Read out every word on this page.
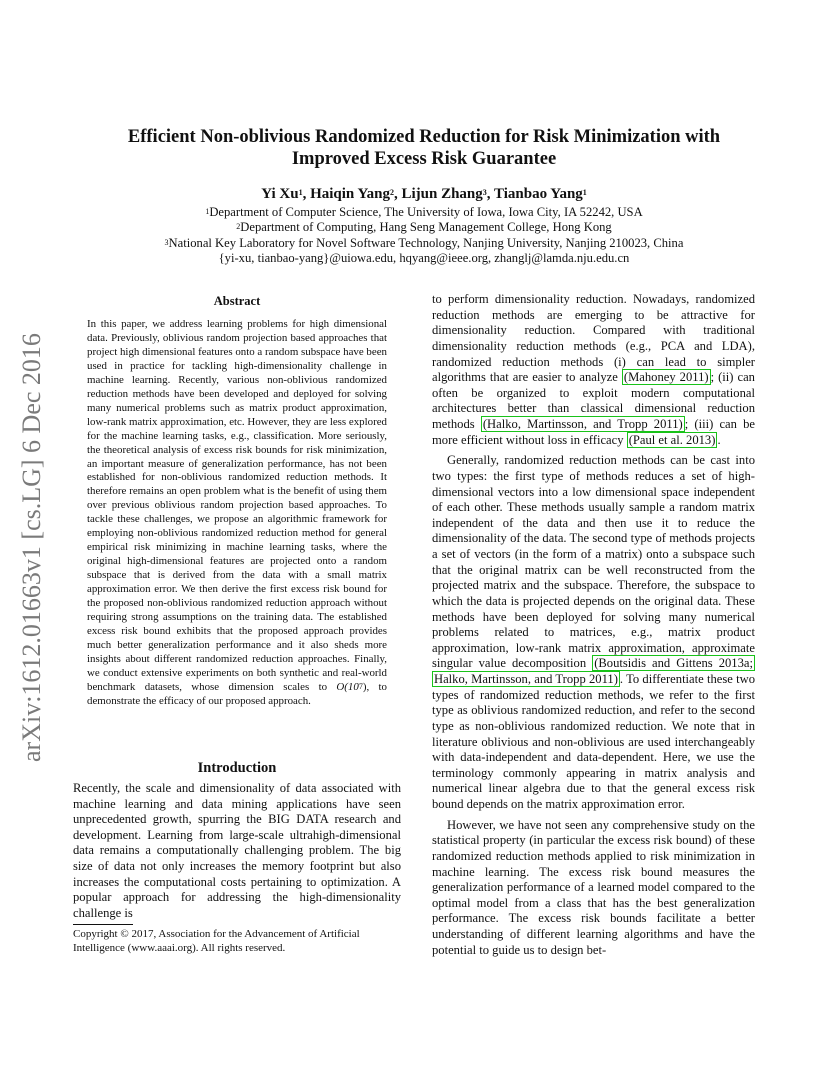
arXiv:1612.01663v1 [cs.LG] 6 Dec 2016
Efficient Non-oblivious Randomized Reduction for Risk Minimization with
Improved Excess Risk Guarantee
Yi Xu$^1$, Haiqin Yang$^2$, Lijun Zhang$^3$, Tianbao Yang$^1$
$^1$Department of Computer Science, The University of Iowa, Iowa City, IA 52242, USA
$^2$Department of Computing, Hang Seng Management College, Hong Kong
$^3$National Key Laboratory for Novel Software Technology, Nanjing University, Nanjing 210023, China
{yi-xu, tianbao-yang}@uiowa.edu, hqyang@ieee.org, zhanglj@lamda.nju.edu.cn
Abstract
In this paper, we address learning problems for high dimensional data. Previously, oblivious random projection based approaches that project high dimensional features onto a random subspace have been used in practice for tackling high-dimensionality challenge in machine learning. Recently, various non-oblivious randomized reduction methods have been developed and deployed for solving many numerical problems such as matrix product approximation, low-rank matrix approximation, etc. However, they are less explored for the machine learning tasks, e.g., classification. More seriously, the theoretical analysis of excess risk bounds for risk minimization, an important measure of generalization performance, has not been established for non-oblivious randomized reduction methods. It therefore remains an open problem what is the benefit of using them over previous oblivious random projection based approaches. To tackle these challenges, we propose an algorithmic framework for employing non-oblivious randomized reduction method for general empirical risk minimizing in machine learning tasks, where the original high-dimensional features are projected onto a random subspace that is derived from the data with a small matrix approximation error. We then derive the first excess risk bound for the proposed non-oblivious randomized reduction approach without requiring strong assumptions on the training data. The established excess risk bound exhibits that the proposed approach provides much better generalization performance and it also sheds more insights about different randomized reduction approaches. Finally, we conduct extensive experiments on both synthetic and real-world benchmark datasets, whose dimension scales to $O(10^7)$, to demonstrate the efficacy of our proposed approach.
Introduction
Recently, the scale and dimensionality of data associated with machine learning and data mining applications have seen unprecedented growth, spurring the BIG DATA research and development. Learning from large-scale ultrahigh-dimensional data remains a computationally challenging problem. The big size of data not only increases the memory footprint but also increases the computational costs pertaining to optimization. A popular approach for addressing the high-dimensionality challenge is
Copyright © 2017, Association for the Advancement of Artificial Intelligence (www.aaai.org). All rights reserved.

to perform dimensionality reduction. Nowadays, randomized reduction methods are emerging to be attractive for dimensionality reduction. Compared with traditional dimensionality reduction methods (e.g., PCA and LDA), randomized reduction methods (i) can lead to simpler algorithms that are easier to analyze (Mahoney 2011) ; (ii) can often be organized to exploit modern computational architectures better than classical dimensional reduction methods (Halko, Martinsson, and Tropp 2011) ; (iii) can be more efficient without loss in efficacy (Paul et al. 2013) .

Generally, randomized reduction methods can be cast into two types: the first type of methods reduces a set of high-dimensional vectors into a low dimensional space independent of each other. These methods usually sample a random matrix independent of the data and then use it to reduce the dimensionality of the data. The second type of methods projects a set of vectors (in the form of a matrix) onto a subspace such that the original matrix can be well reconstructed from the projected matrix and the subspace. Therefore, the subspace to which the data is projected depends on the original data. These methods have been deployed for solving many numerical problems related to matrices, e.g., matrix product approximation, low-rank matrix approximation, approximate singular value decomposition (Boutsidis and Gittens 2013a; Halko, Martinsson, and Tropp 2011) . To differentiate these two types of randomized reduction methods, we refer to the first type as oblivious randomized reduction, and refer to the second type as non-oblivious randomized reduction. We note that in literature oblivious and non-oblivious are used interchangeably with data-independent and data-dependent. Here, we use the terminology commonly appearing in matrix analysis and numerical linear algebra due to that the general excess risk bound depends on the matrix approximation error.

However, we have not seen any comprehensive study on the statistical property (in particular the excess risk bound) of these randomized reduction methods applied to risk minimization in machine learning. The excess risk bound measures the generalization performance of a learned model compared to the optimal model from a class that has the best generalization performance. The excess risk bounds facilitate a better understanding of different learning algorithms and have the potential to guide us to design bet-
